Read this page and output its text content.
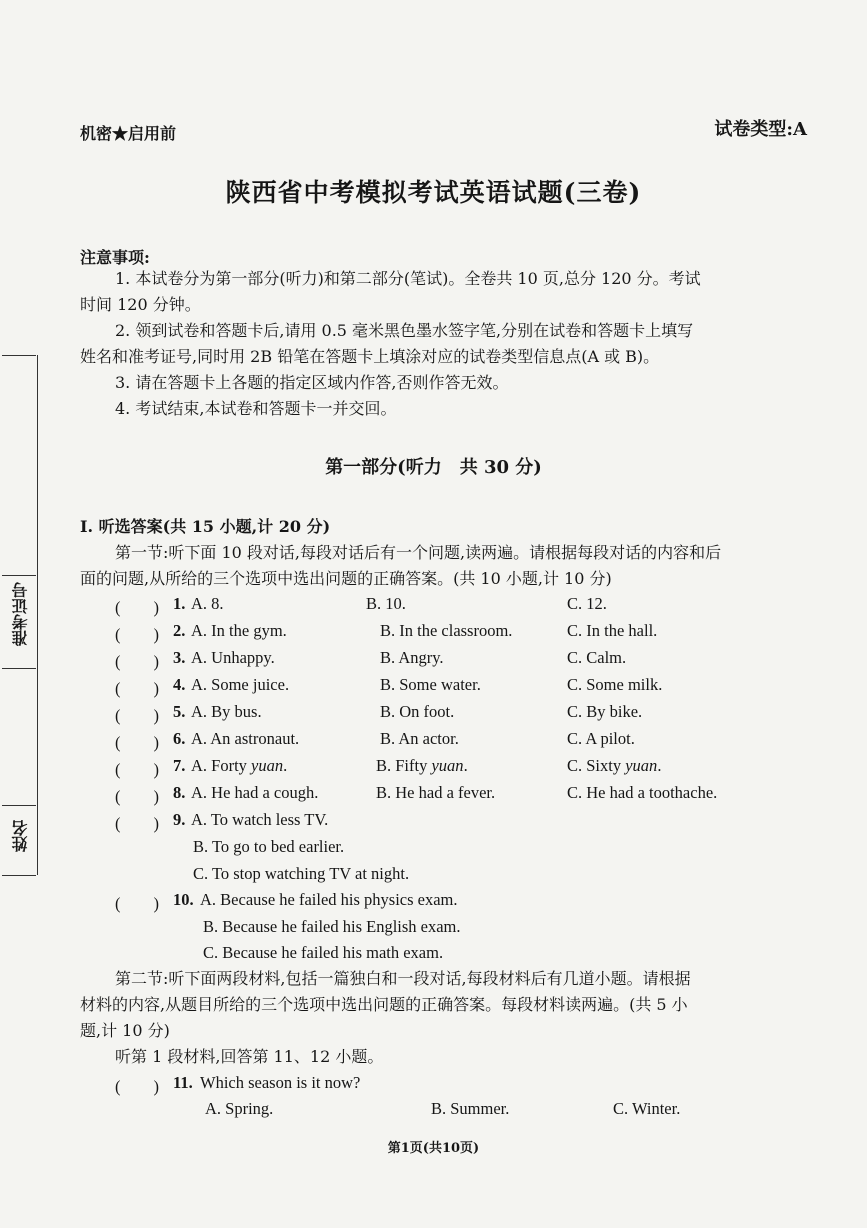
准考证号
姓名
机密★启用前	试卷类型:A
陕西省中考模拟考试英语试题(三卷)
注意事项:
1. 本试卷分为第一部分(听力)和第二部分(笔试)。全卷共 10 页,总分 120 分。考试
时间 120 分钟。
2. 领到试卷和答题卡后,请用 0.5 毫米黑色墨水签字笔,分别在试卷和答题卡上填写
姓名和准考证号,同时用 2B 铅笔在答题卡上填涂对应的试卷类型信息点(A 或 B)。
3. 请在答题卡上各题的指定区域内作答,否则作答无效。
4. 考试结束,本试卷和答题卡一并交回。
第一部分(听力　共 30 分)
Ⅰ. 听选答案(共 15 小题,计 20 分)
第一节:听下面 10 段对话,每段对话后有一个问题,读两遍。请根据每段对话的内容和后
面的问题,从所给的三个选项中选出问题的正确答案。(共 10 小题,计 10 分)
(　　) 1. A. 8.	B. 10.	C. 12.
(　　) 2. A. In the gym.	B. In the classroom.	C. In the hall.
(　　) 3. A. Unhappy.	B. Angry.	C. Calm.
(　　) 4. A. Some juice.	B. Some water.	C. Some milk.
(　　) 5. A. By bus.	B. On foot.	C. By bike.
(　　) 6. A. An astronaut.	B. An actor.	C. A pilot.
(　　) 7. A. Forty yuan.	B. Fifty yuan.	C. Sixty yuan.
(　　) 8. A. He had a cough.	B. He had a fever.	C. He had a toothache.
(　　) 9. A. To watch less TV.
B. To go to bed earlier.
C. To stop watching TV at night.
(　　) 10. A. Because he failed his physics exam.
B. Because he failed his English exam.
C. Because he failed his math exam.
第二节:听下面两段材料,包括一篇独白和一段对话,每段材料后有几道小题。请根据
材料的内容,从题目所给的三个选项中选出问题的正确答案。每段材料读两遍。(共 5 小
题,计 10 分)
听第 1 段材料,回答第 11、12 小题。
(　　) 11. Which season is it now?
A. Spring.	B. Summer.	C. Winter.
第1页(共10页)
